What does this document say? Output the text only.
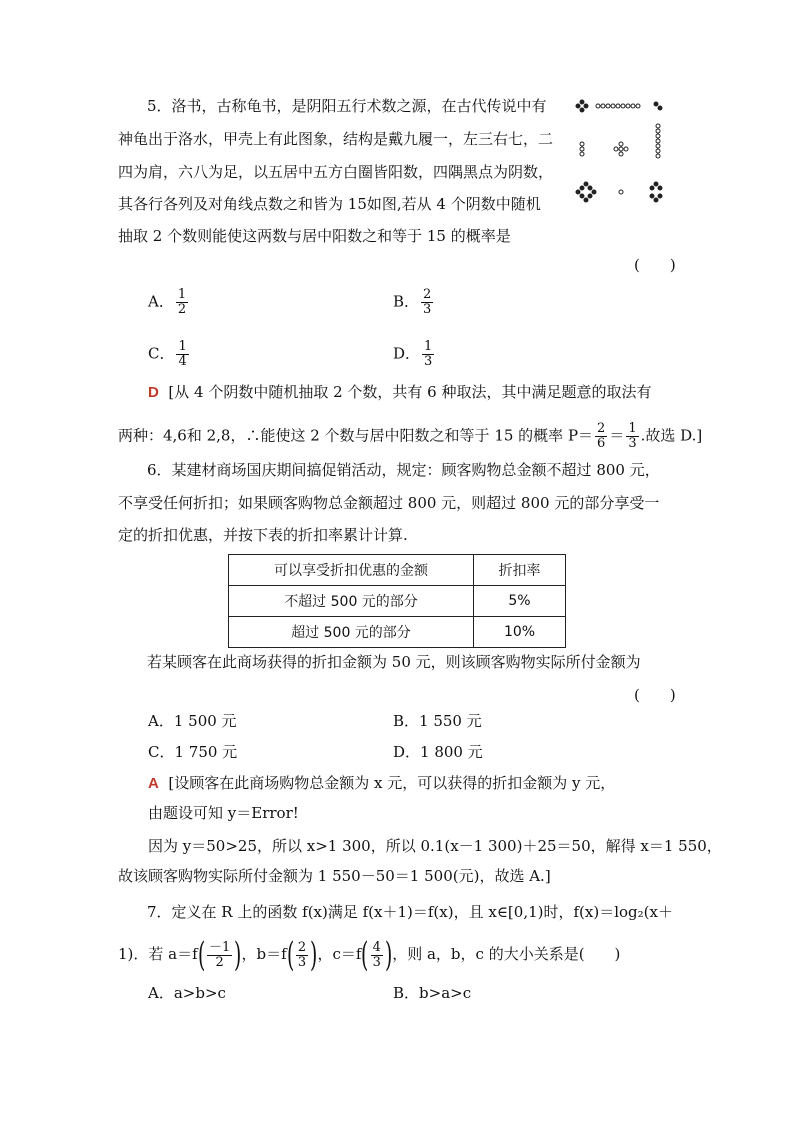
5．洛书，古称龟书，是阴阳五行术数之源，在古代传说中有
神龟出于洛水，甲壳上有此图象，结构是戴九履一，左三右七，二
四为肩，六八为足，以五居中五方白圈皆阳数，四隅黑点为阴数，
其各行各列及对角线点数之和皆为 15如图,若从 4 个阴数中随机
抽取 2 个数则能使这两数与居中阳数之和等于 15 的概率是
(　　)
A． $\frac{1}{2}$	B． $\frac{2}{3}$
C． $\frac{1}{4}$	D． $\frac{1}{3}$
D [从 4 个阴数中随机抽取 2 个数，共有 6 种取法，其中满足题意的取法有
两种：4,6和 2,8，∴能使这 2 个数与居中阳数之和等于 15 的概率 $P= \frac{2}{6} = \frac{1}{3}$ .故选 D.]
6．某建材商场国庆期间搞促销活动，规定：顾客购物总金额不超过 800 元，
不享受任何折扣；如果顾客购物总金额超过 800 元，则超过 800 元的部分享受一
定的折扣优惠，并按下表的折扣率累计计算.
可以享受折扣优惠的金额	折扣率
不超过 500 元的部分	5%
超过 500 元的部分	10%
若某顾客在此商场获得的折扣金额为 50 元，则该顾客购物实际所付金额为
(　　)
A．1 500 元	B．1 550 元
C．1 750 元	D．1 800 元
A [设顾客在此商场购物总金额为 x 元，可以获得的折扣金额为 y 元，
由题设可知 y＝Error!
因为 y＝50>25，所以 x>1 300，所以 0.1(x－1 300)＋25＝50，解得 x＝1 550，
故该顾客购物实际所付金额为 1 550－50＝1 500(元)，故选 A.]
7．定义在 R 上的函数 f(x)满足 f(x＋1)＝f(x)，且 x∈[0,1)时，f(x)＝log₂(x＋
1)．若 $a=f( \frac{-1}{2}$ )，$b=f( \frac{2}{3}$ )，$c=f( \frac{4}{3}$ )，则 a，b，c 的大小关系是(　　)
A．a>b>c	B．b>a>c
